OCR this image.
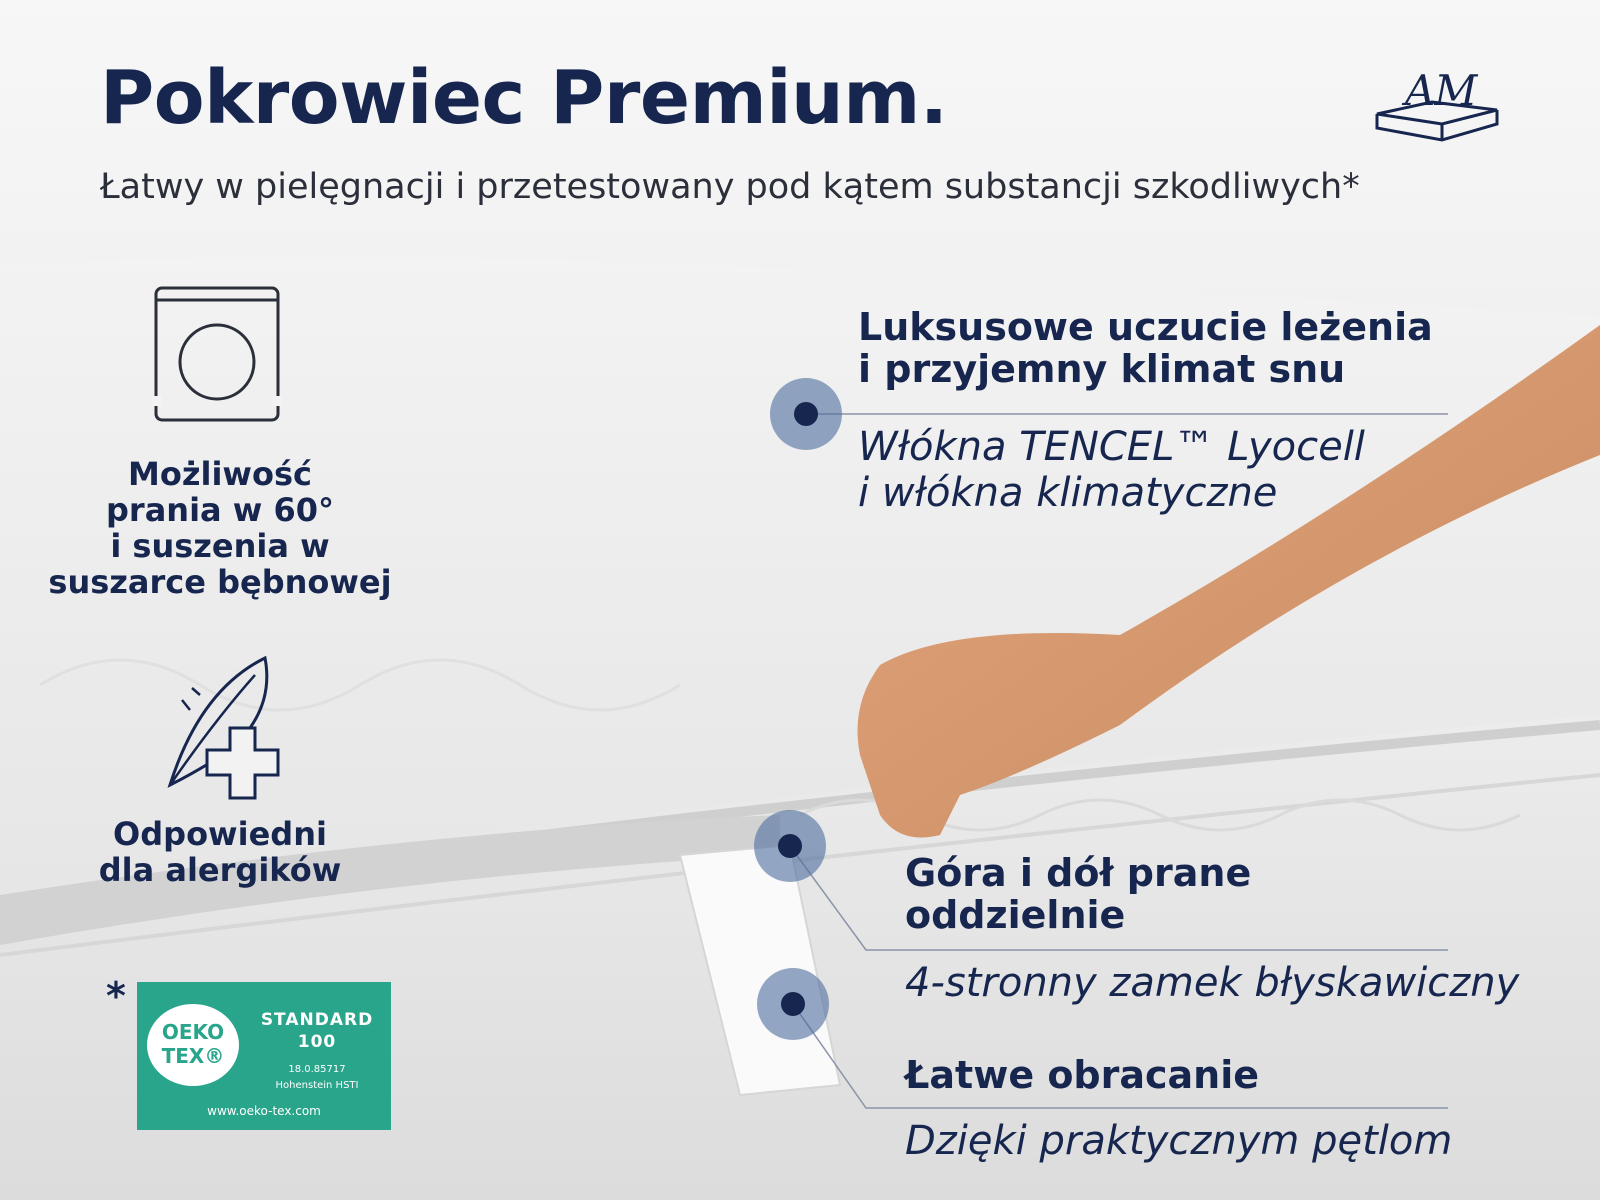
Pokrowiec Premium.

Łatwy w pielęgnacji i przetestowany pod kątem substancji szkodliwych*

AM
Możliwość
prania w 60°
i suszenia w
suszarce bębnowej
Odpowiedni
dla alergików
Luksusowe uczucie leżenia
i przyjemny klimat snu
Włókna TENCEL™ Lyocell
i włókna klimatyczne
Góra i dół prane
oddzielnie
4-stronny zamek błyskawiczny
Łatwe obracanie
Dzięki praktycznym pętlom
*
OEKO
TEX®
STANDARD
100
18.0.85717
Hohenstein HSTI
www.oeko-tex.com
